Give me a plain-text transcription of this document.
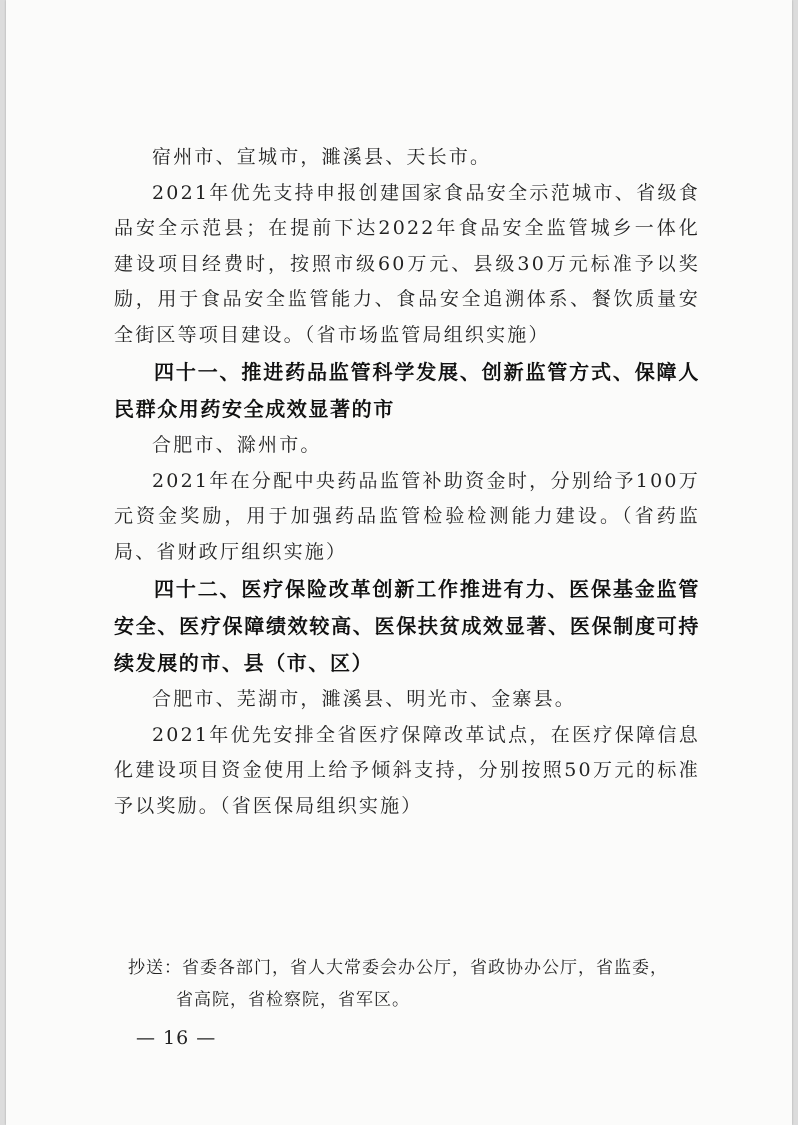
宿州市、宣城市，濉溪县、天长市。

2021年优先支持申报创建国家食品安全示范城市、省级食品安全示范县；在提前下达2022年食品安全监管城乡一体化建设项目经费时，按照市级60万元、县级30万元标准予以奖励，用于食品安全监管能力、食品安全追溯体系、餐饮质量安全街区等项目建设。（省市场监管局组织实施）

四十一、推进药品监管科学发展、创新监管方式、保障人民群众用药安全成效显著的市

合肥市、滁州市。

2021年在分配中央药品监管补助资金时，分别给予100万元资金奖励，用于加强药品监管检验检测能力建设。（省药监局、省财政厅组织实施）

四十二、医疗保险改革创新工作推进有力、医保基金监管安全、医疗保障绩效较高、医保扶贫成效显著、医保制度可持续发展的市、县（市、区）

合肥市、芜湖市，濉溪县、明光市、金寨县。

2021年优先安排全省医疗保障改革试点，在医疗保障信息化建设项目资金使用上给予倾斜支持，分别按照50万元的标准予以奖励。（省医保局组织实施）

抄送：省委各部门，省人大常委会办公厅，省政协办公厅，省监委，
省高院，省检察院，省军区。
— 16 —
